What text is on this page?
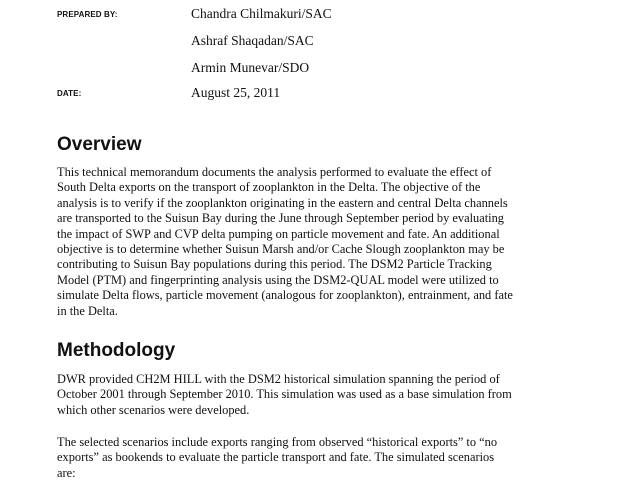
PREPARED BY:	Chandra Chilmakuri/SAC
Ashraf Shaqadan/SAC
Armin Munevar/SDO
DATE:	August 25, 2011
Overview
This technical memorandum documents the analysis performed to evaluate the effect of
South Delta exports on the transport of zooplankton in the Delta. The objective of the
analysis is to verify if the zooplankton originating in the eastern and central Delta channels
are transported to the Suisun Bay during the June through September period by evaluating
the impact of SWP and CVP delta pumping on particle movement and fate. An additional
objective is to determine whether Suisun Marsh and/or Cache Slough zooplankton may be
contributing to Suisun Bay populations during this period. The DSM2 Particle Tracking
Model (PTM) and fingerprinting analysis using the DSM2-QUAL model were utilized to
simulate Delta flows, particle movement (analogous for zooplankton), entrainment, and fate
in the Delta.
Methodology
DWR provided CH2M HILL with the DSM2 historical simulation spanning the period of
October 2001 through September 2010. This simulation was used as a base simulation from
which other scenarios were developed.
The selected scenarios include exports ranging from observed “historical exports” to “no
exports” as bookends to evaluate the particle transport and fate. The simulated scenarios
are:
